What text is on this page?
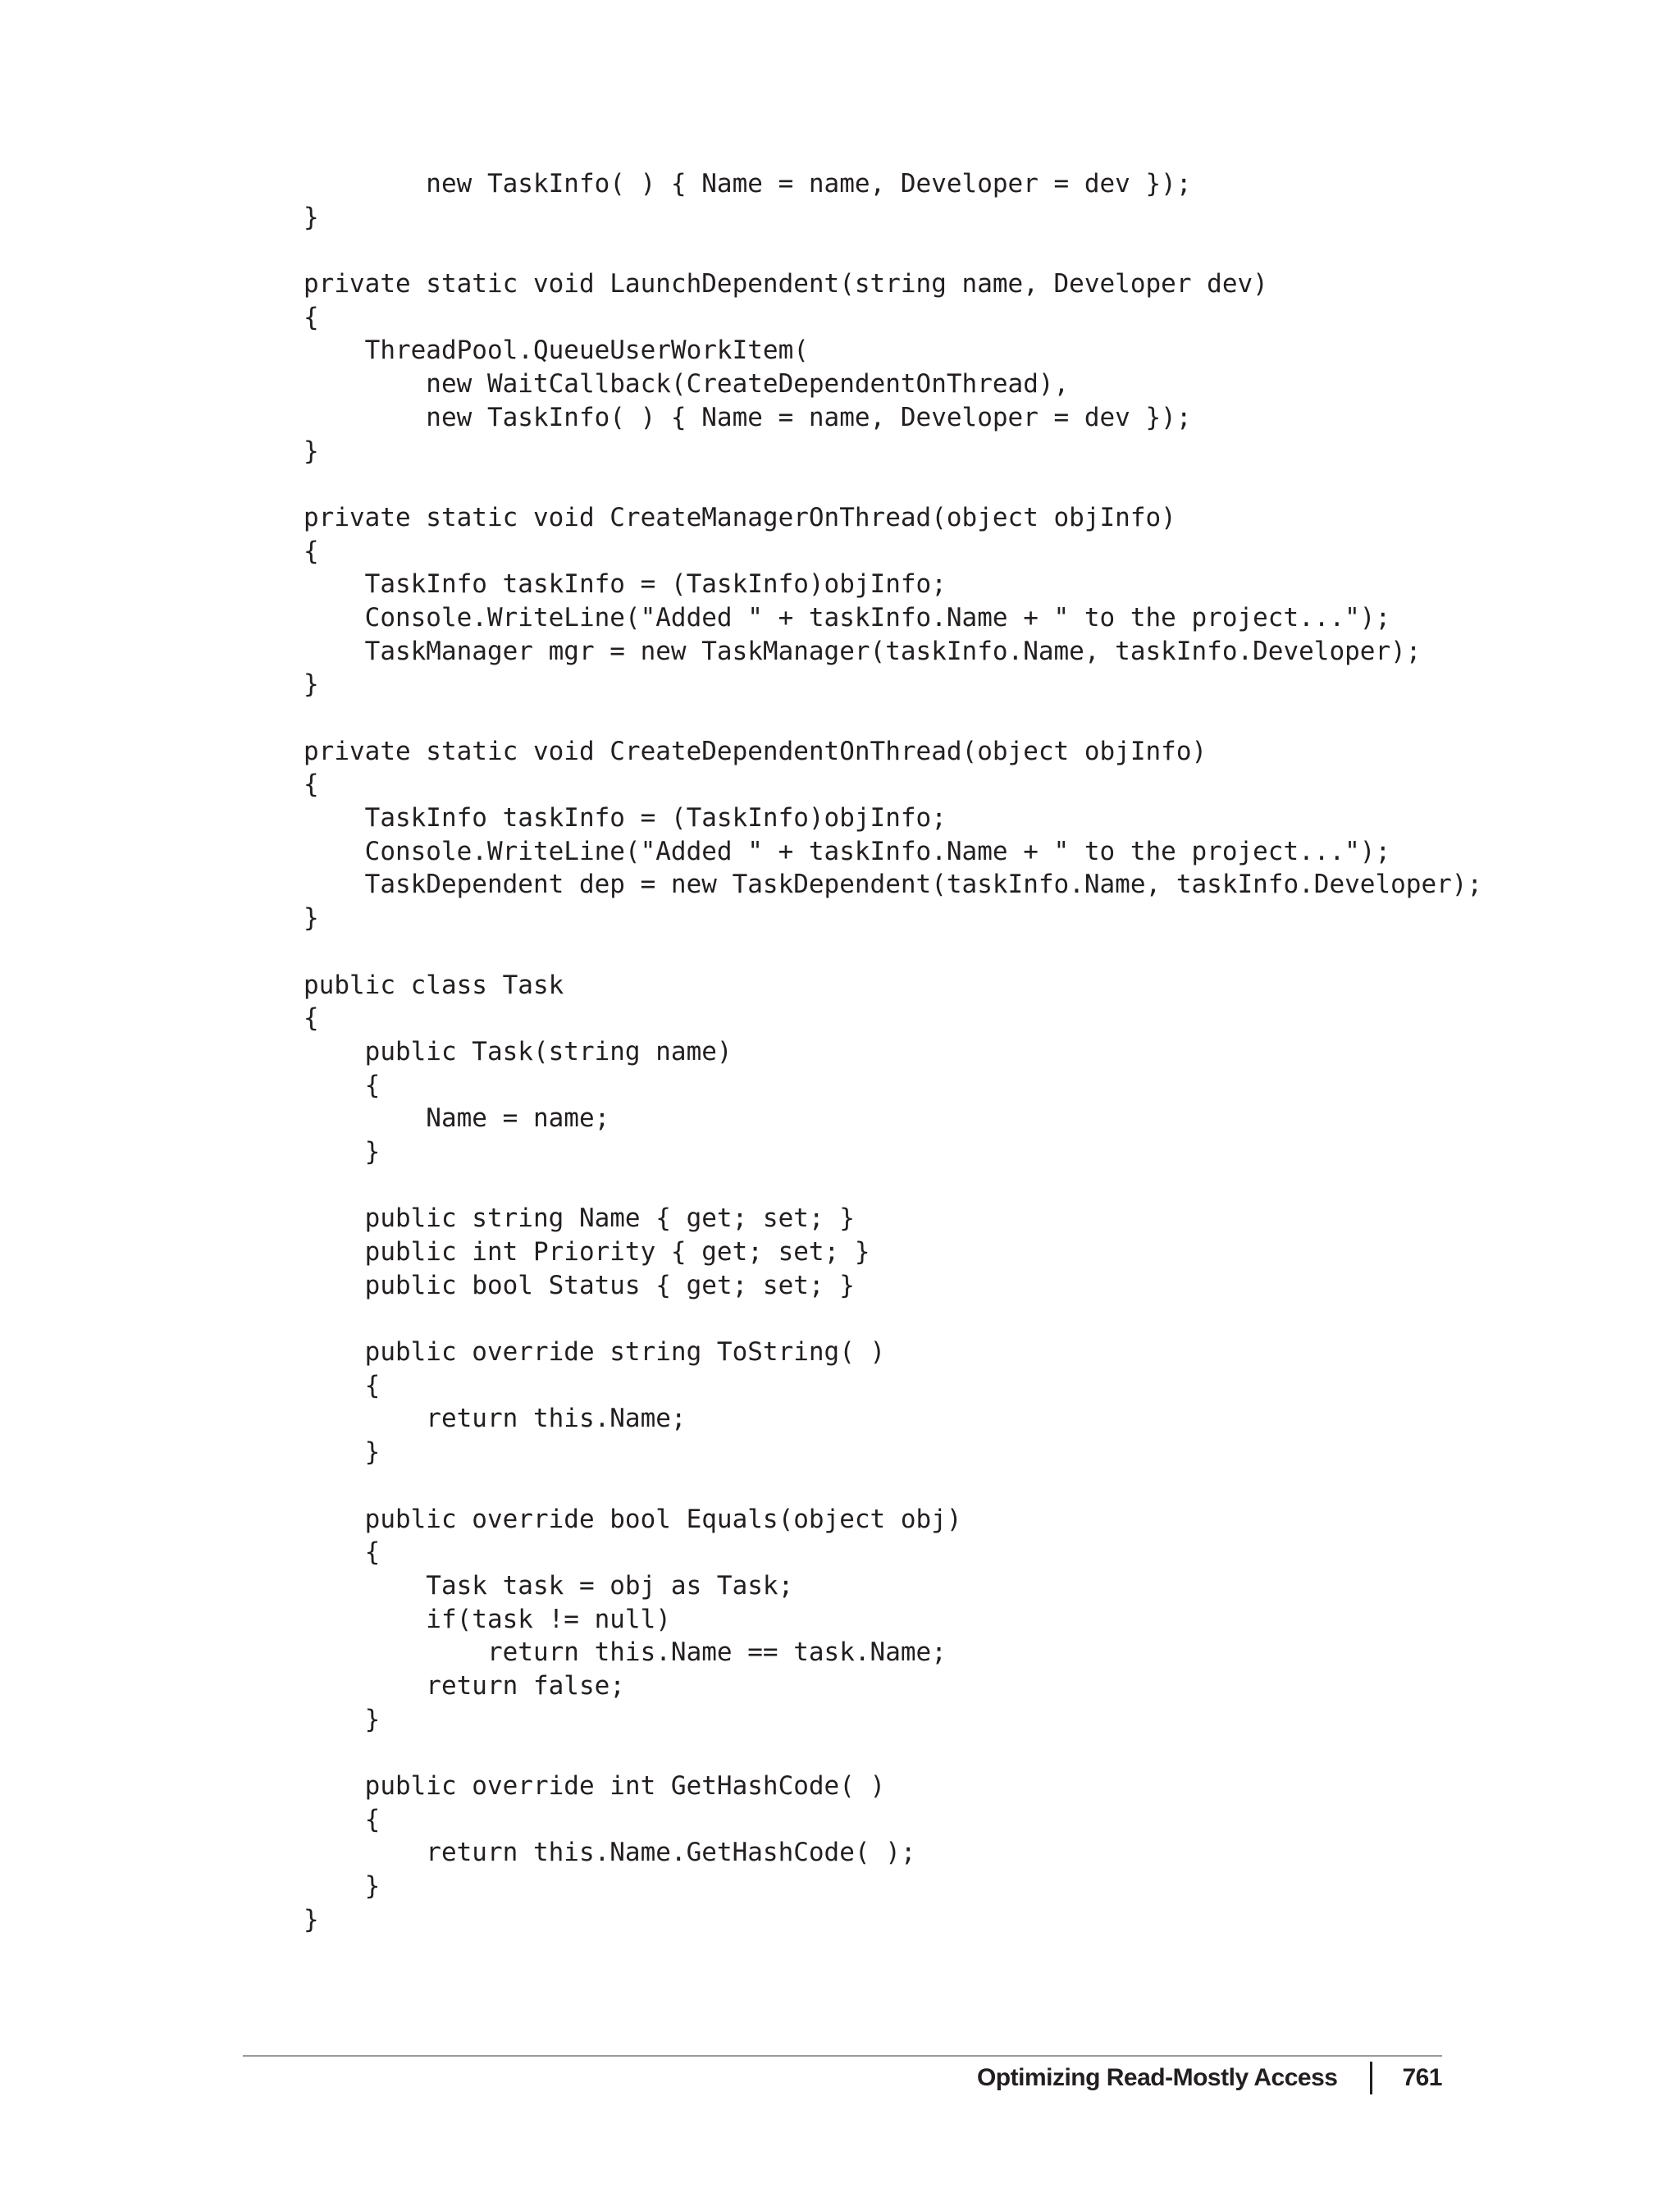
new TaskInfo( ) { Name = name, Developer = dev });
}
private static void LaunchDependent(string name, Developer dev)
{
ThreadPool.QueueUserWorkItem(
new WaitCallback(CreateDependentOnThread),
new TaskInfo( ) { Name = name, Developer = dev });
}
private static void CreateManagerOnThread(object objInfo)
{
TaskInfo taskInfo = (TaskInfo)objInfo;
Console.WriteLine("Added " + taskInfo.Name + " to the project...");
TaskManager mgr = new TaskManager(taskInfo.Name, taskInfo.Developer);
}
private static void CreateDependentOnThread(object objInfo)
{
TaskInfo taskInfo = (TaskInfo)objInfo;
Console.WriteLine("Added " + taskInfo.Name + " to the project...");
TaskDependent dep = new TaskDependent(taskInfo.Name, taskInfo.Developer);
}
public class Task
{
public Task(string name)
{
Name = name;
}
public string Name { get; set; }
public int Priority { get; set; }
public bool Status { get; set; }
public override string ToString( )
{
return this.Name;
}
public override bool Equals(object obj)
{
Task task = obj as Task;
if(task != null)
return this.Name == task.Name;
return false;
}
public override int GetHashCode( )
{
return this.Name.GetHashCode( );
}
}
Optimizing Read-Mostly Access	761
